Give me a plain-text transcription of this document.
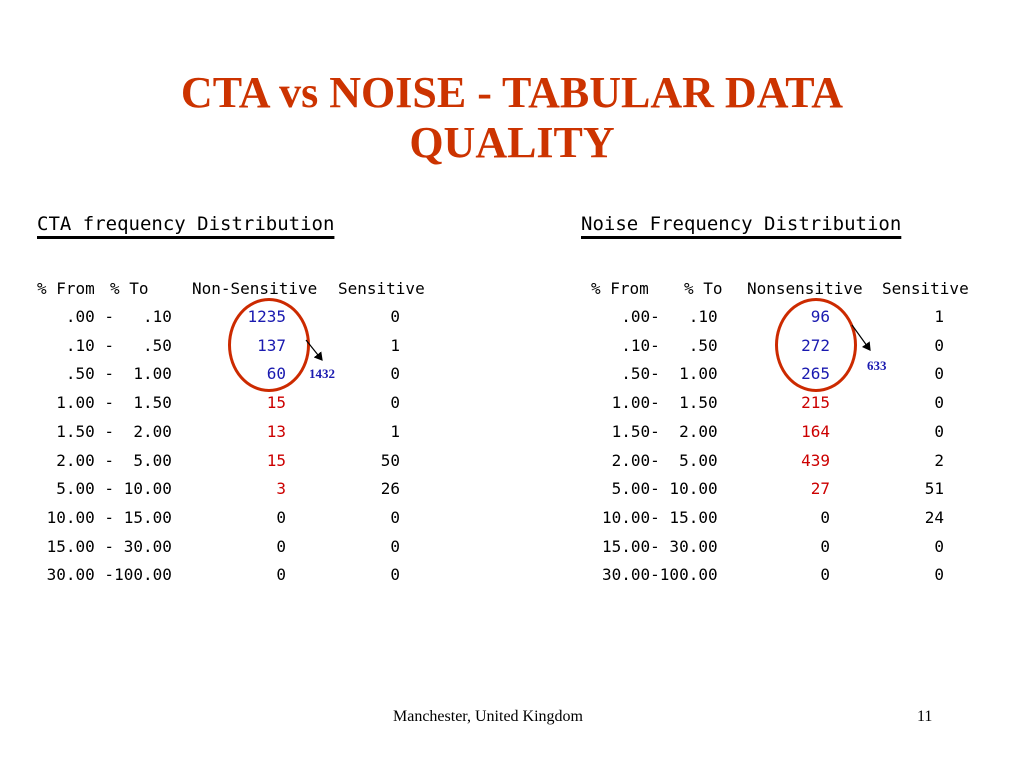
CTA vs NOISE - TABULAR DATA
QUALITY
CTA frequency Distribution
% From % To	Non-Sensitive Sensitive
.00 -   .10	1235	0
.10 -   .50	137	1
.50 -  1.00	60	0
1.00 -  1.50	15	0
1.50 -  2.00	13	1
2.00 -  5.00	15	50
5.00 - 10.00	3	26
10.00 - 15.00	0	0
15.00 - 30.00	0	0
30.00 -100.00	0	0
1432
Noise Frequency Distribution
% From % To Nonsensitive Sensitive
.00-   .10	96	1
.10-   .50	272	0
.50-  1.00	265	0
1.00-  1.50	215	0
1.50-  2.00	164	0
2.00-  5.00	439	2
5.00- 10.00	27	51
10.00- 15.00	0	24
15.00- 30.00	0	0
30.00-100.00	0	0
633
Manchester, United Kingdom	11
